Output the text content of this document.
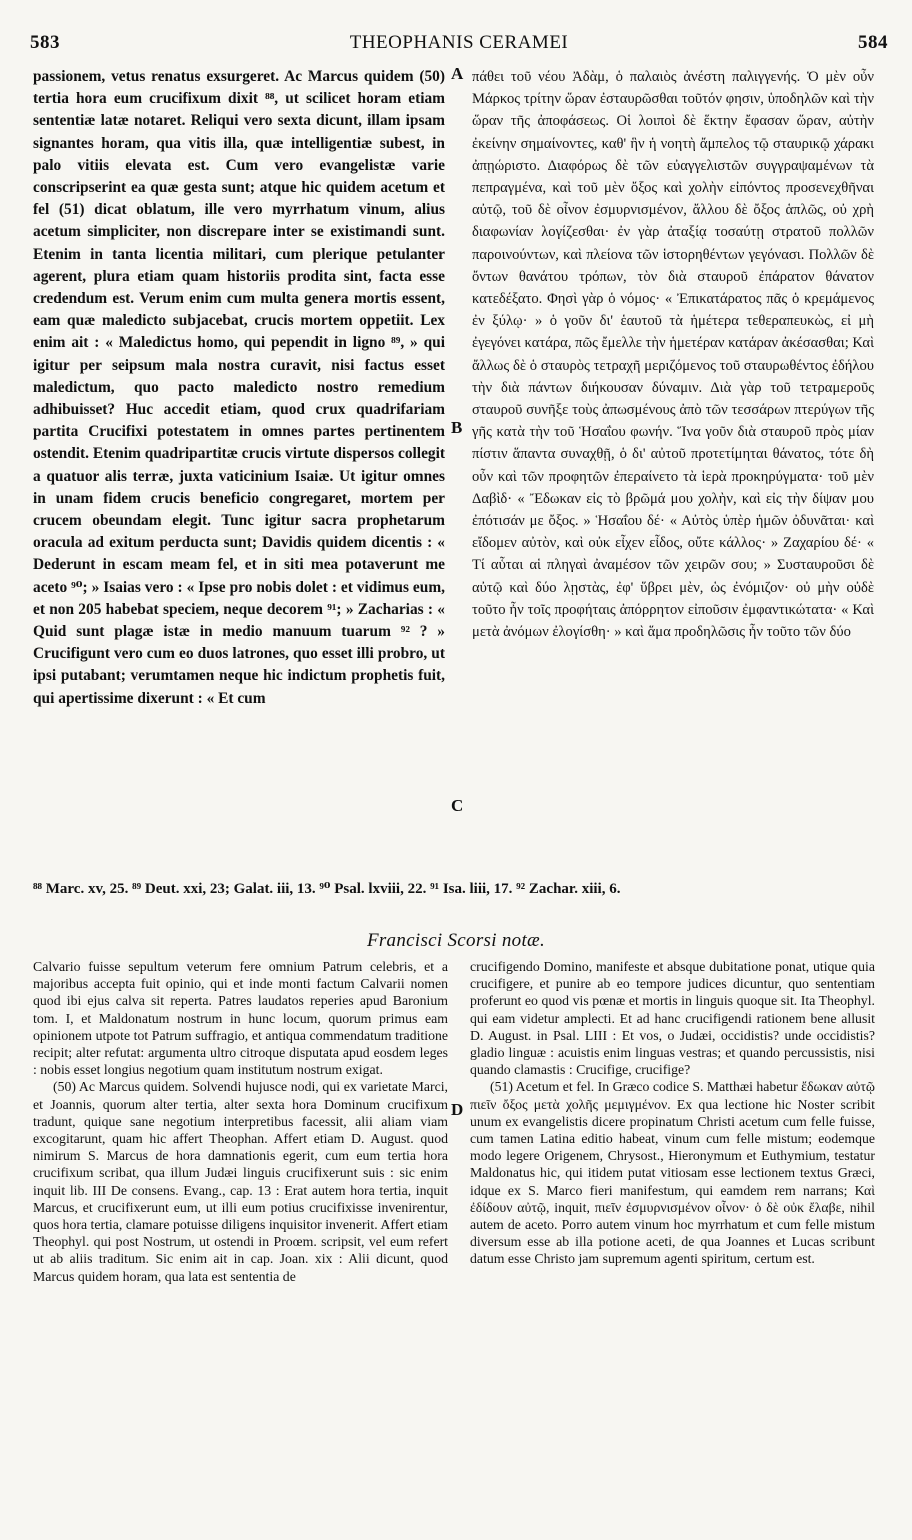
583	THEOPHANIS CERAMEI	584

passionem, vetus renatus exsurgeret. Ac Marcus quidem (50) tertia hora eum crucifixum dixit ⁸⁸, ut scilicet horam etiam sententiæ latæ notaret. Reliqui vero sexta dicunt, illam ipsam signantes horam, qua vitis illa, quæ intelligentiæ subest, in palo vitiis elevata est. Cum vero evangelistæ varie conscripserint ea quæ gesta sunt; atque hic quidem acetum et fel (51) dicat oblatum, ille vero myrrhatum vinum, alius acetum simpliciter, non discrepare inter se existimandi sunt. Etenim in tanta licentia militari, cum plerique petulanter agerent, plura etiam quam historiis prodita sint, facta esse credendum est. Verum enim cum multa genera mortis essent, eam quæ maledicto subjacebat, crucis mortem oppetiit. Lex enim ait : « Maledictus homo, qui pependit in ligno ⁸⁹, » qui igitur per seipsum mala nostra curavit, nisi factus esset maledictum, quo pacto maledicto nostro remedium adhibuisset? Huc accedit etiam, quod crux quadrifariam partita Crucifixi potestatem in omnes partes pertinentem ostendit. Etenim quadripartitæ crucis virtute dispersos collegit a quatuor alis terræ, juxta vaticinium Isaiæ. Ut igitur omnes in unam fidem crucis beneficio congregaret, mortem per crucem obeundam elegit. Tunc igitur sacra prophetarum oracula ad exitum perducta sunt; Davidis quidem dicentis : « Dederunt in escam meam fel, et in siti mea potaverunt me aceto ⁹⁰; » Isaias vero : « Ipse pro nobis dolet : et vidimus eum, et non 205 habebat speciem, neque decorem ⁹¹; » Zacharias : « Quid sunt plagæ istæ in medio manuum tuarum ⁹² ? » Crucifigunt vero cum eo duos latrones, quo esset illi probro, ut ipsi putabant; verumtamen neque hic indictum prophetis fuit, qui apertissime dixerunt : « Et cum

A
B
C
D

πάθει τοῦ νέου Ἀδὰμ, ὁ παλαιὸς ἀνέστη παλιγγενής. Ὁ μὲν οὖν Μάρκος τρίτην ὥραν ἐσταυρῶσθαι τοῦτόν φησιν, ὑποδηλῶν καὶ τὴν ὥραν τῆς ἀποφάσεως. Οἱ λοιποὶ δὲ ἕκτην ἔφασαν ὥραν, αὐτὴν ἐκείνην σημαίνοντες, καθ' ἣν ἡ νοητὴ ἄμπελος τῷ σταυρικῷ χάρακι ἀπῃώριστο. Διαφόρως δὲ τῶν εὐαγγελιστῶν συγγραψαμένων τὰ πεπραγμένα, καὶ τοῦ μὲν ὄξος καὶ χολὴν εἰπόντος προσενεχθῆναι αὐτῷ, τοῦ δὲ οἶνον ἐσμυρνισμένον, ἄλλου δὲ ὄξος ἁπλῶς, οὐ χρὴ διαφωνίαν λογίζεσθαι· ἐν γὰρ ἀταξίᾳ τοσαύτῃ στρατοῦ πολλῶν παροινούντων, καὶ πλείονα τῶν ἱστορηθέντων γεγόνασι. Πολλῶν δὲ ὄντων θανάτου τρόπων, τὸν διὰ σταυροῦ ἐπάρατον θάνατον κατεδέξατο. Φησὶ γὰρ ὁ νόμος· « Ἐπικατάρατος πᾶς ὁ κρεμάμενος ἐν ξύλῳ· » ὁ γοῦν δι' ἑαυτοῦ τὰ ἡμέτερα τεθεραπευκὼς, εἰ μὴ ἐγεγόνει κατάρα, πῶς ἔμελλε τὴν ἡμετέραν κατάραν ἀκέσασθαι; Καὶ ἄλλως δὲ ὁ σταυρὸς τετραχῆ μεριζόμενος τοῦ σταυρωθέντος ἐδήλου τὴν διὰ πάντων διήκουσαν δύναμιν. Διὰ γὰρ τοῦ τετραμεροῦς σταυροῦ συνῆξε τοὺς ἀπωσμένους ἀπὸ τῶν τεσσάρων πτερύγων τῆς γῆς κατὰ τὴν τοῦ Ἡσαΐου φωνήν. Ἵνα γοῦν διὰ σταυροῦ πρὸς μίαν πίστιν ἅπαντα συναχθῇ, ὁ δι' αὐτοῦ προτετίμηται θάνατος, τότε δὴ οὖν καὶ τῶν προφητῶν ἐπεραίνετο τὰ ἱερὰ προκηρύγματα· τοῦ μὲν Δαβὶδ· « Ἔδωκαν εἰς τὸ βρῶμά μου χολὴν, καὶ εἰς τὴν δίψαν μου ἐπότισάν με ὄξος. » Ἡσαΐου δέ· « Αὐτὸς ὑπὲρ ἡμῶν ὀδυνᾶται· καὶ εἴδομεν αὐτὸν, καὶ οὐκ εἶχεν εἶδος, οὔτε κάλλος· » Ζαχαρίου δέ· « Τί αὗται αἱ πληγαὶ ἀναμέσον τῶν χειρῶν σου; » Συσταυροῦσι δὲ αὐτῷ καὶ δύο λῃστὰς, ἐφ' ὕβρει μὲν, ὡς ἐνόμιζον· οὐ μὴν οὐδὲ τοῦτο ἦν τοῖς προφήταις ἀπόρρητον εἰποῦσιν ἐμφαντικώτατα· « Καὶ μετὰ ἀνόμων ἐλογίσθη· » καὶ ἅμα προδηλῶσις ἦν τοῦτο τῶν δύο

⁸⁸ Marc. xv, 25. ⁸⁹ Deut. xxi, 23; Galat. iii, 13. ⁹⁰ Psal. lxviii, 22. ⁹¹ Isa. liii, 17. ⁹² Zachar. xiii, 6.
Francisci Scorsi notæ.

Calvario fuisse sepultum veterum fere omnium Patrum celebris, et a majoribus accepta fuit opinio, qui et inde monti factum Calvarii nomen quod ibi ejus calva sit reperta. Patres laudatos reperies apud Baronium tom. I, et Maldonatum nostrum in hunc locum, quorum primus eam opinionem utpote tot Patrum suffragio, et antiqua commendatum traditione recipit; alter refutat: argumenta ultro citroque disputata apud eosdem leges : nobis esset longius negotium quam institutum nostrum exigat.

(50) Ac Marcus quidem. Solvendi hujusce nodi, qui ex varietate Marci, et Joannis, quorum alter tertia, alter sexta hora Dominum crucifixum tradunt, quique sane negotium interpretibus facessit, alii aliam viam excogitarunt, quam hic affert Theophan. Affert etiam D. August. quod nimirum S. Marcus de hora damnationis egerit, cum eum tertia hora crucifixum scribat, qua illum Judæi linguis crucifixerunt suis : sic enim inquit lib. III De consens. Evang., cap. 13 : Erat autem hora tertia, inquit Marcus, et crucifixerunt eum, ut illi eum potius crucifixisse invenirentur, quos hora tertia, clamare potuisse diligens inquisitor invenerit. Affert etiam Theophyl. qui post Nostrum, ut ostendi in Proœm. scripsit, vel eum refert ut ab aliis traditum. Sic enim ait in cap. Joan. xix : Alii dicunt, quod Marcus quidem horam, qua lata est sententia de

crucifigendo Domino, manifeste et absque dubitatione ponat, utique quia crucifigere, et punire ab eo tempore judices dicuntur, quo sententiam proferunt eo quod vis pœnæ et mortis in linguis quoque sit. Ita Theophyl. qui eam videtur amplecti. Et ad hanc crucifigendi rationem bene allusit D. August. in Psal. LIII : Et vos, o Judæi, occidistis? unde occidistis? gladio linguæ : acuistis enim linguas vestras; et quando percussistis, nisi quando clamastis : Crucifige, crucifige?

(51) Acetum et fel. In Græco codice S. Matthæi habetur ἔδωκαν αὐτῷ πιεῖν ὄξος μετὰ χολῆς μεμιγμένον. Ex qua lectione hic Noster scribit unum ex evangelistis dicere propinatum Christi acetum cum felle fuisse, cum tamen Latina editio habeat, vinum cum felle mistum; eodemque modo legere Origenem, Chrysost., Hieronymum et Euthymium, testatur Maldonatus hic, qui itidem putat vitiosam esse lectionem textus Græci, idque ex S. Marco fieri manifestum, qui eamdem rem narrans; Καὶ ἐδίδουν αὐτῷ, inquit, πιεῖν ἐσμυρνισμένον οἶνον· ὁ δὲ οὐκ ἔλαβε, nihil autem de aceto. Porro autem vinum hoc myrrhatum et cum felle mistum diversum esse ab illa potione aceti, de qua Joannes et Lucas scribunt datum esse Christo jam supremum agenti spiritum, certum est.
